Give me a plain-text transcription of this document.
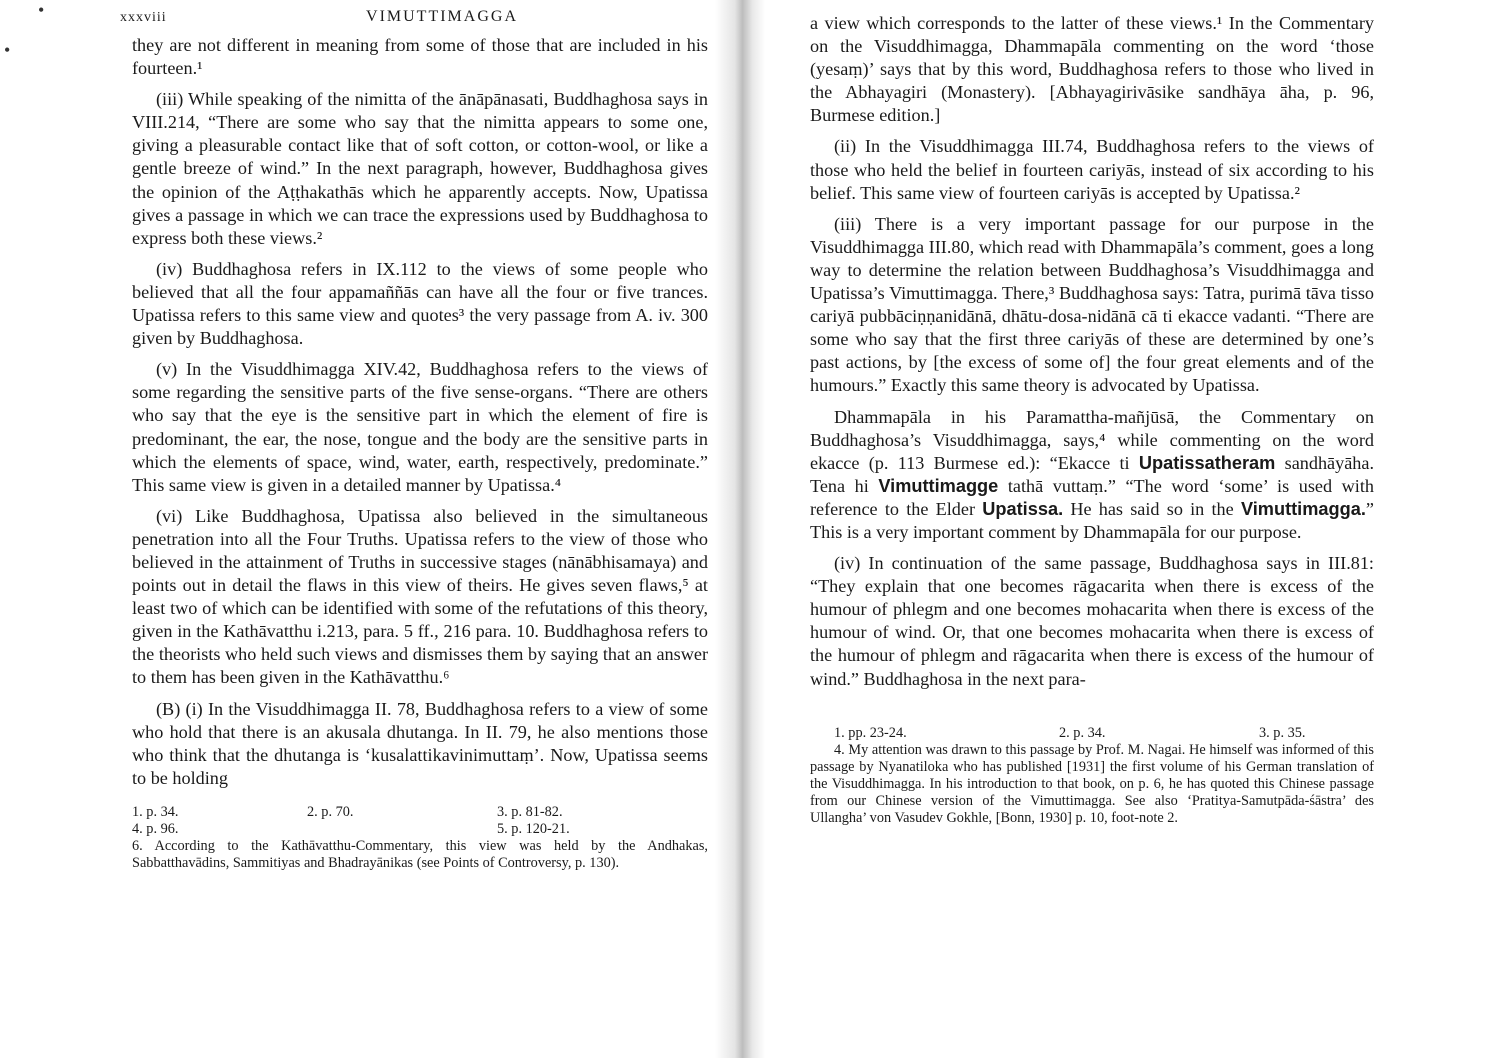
•
•
xxxviii	VIMUTTIMAGGA

they are not different in meaning from some of those that are included in his fourteen.¹

(iii) While speaking of the nimitta of the ānāpānasati, Buddhaghosa says in VIII.214, “There are some who say that the nimitta appears to some one, giving a pleasurable contact like that of soft cotton, or cotton-wool, or like a gentle breeze of wind.” In the next paragraph, however, Buddhaghosa gives the opinion of the Aṭṭhakathās which he apparently accepts. Now, Upatissa gives a passage in which we can trace the expressions used by Buddhaghosa to express both these views.²

(iv) Buddhaghosa refers in IX.112 to the views of some people who believed that all the four appamaññās can have all the four or five trances. Upatissa refers to this same view and quotes³ the very passage from A. iv. 300 given by Buddhaghosa.

(v) In the Visuddhimagga XIV.42, Buddhaghosa refers to the views of some regarding the sensitive parts of the five sense-organs. “There are others who say that the eye is the sensitive part in which the element of fire is predominant, the ear, the nose, tongue and the body are the sensitive parts in which the elements of space, wind, water, earth, respectively, predominate.” This same view is given in a detailed manner by Upatissa.⁴

(vi) Like Buddhaghosa, Upatissa also believed in the simultaneous penetration into all the Four Truths. Upatissa refers to the view of those who believed in the attainment of Truths in successive stages (nānābhisamaya) and points out in detail the flaws in this view of theirs. He gives seven flaws,⁵ at least two of which can be identified with some of the refutations of this theory, given in the Kathāvatthu i.213, para. 5 ff., 216 para. 10. Buddhaghosa refers to the theorists who held such views and dismisses them by saying that an answer to them has been given in the Kathāvatthu.⁶

(B) (i) In the Visuddhimagga II. 78, Buddhaghosa refers to a view of some who hold that there is an akusala dhutanga. In II. 79, he also mentions those who think that the dhutanga is ‘kusalattikavinimuttaṃ’. Now, Upatissa seems to be holding

1. p. 34.	2. p. 70.	3. p. 81-82.
4. p. 96.	5. p. 120-21.
6. According to the Kathāvatthu-Commentary, this view was held by the Andhakas, Sabbatthavādins, Sammitiyas and Bhadrayānikas (see Points of Controversy, p. 130).

a view which corresponds to the latter of these views.¹ In the Commentary on the Visuddhimagga, Dhammapāla commenting on the word ‘those (yesaṃ)’ says that by this word, Buddhaghosa refers to those who lived in the Abhayagiri (Monastery). [Abhayagirivāsike sandhāya āha, p. 96, Burmese edition.]

(ii) In the Visuddhimagga III.74, Buddhaghosa refers to the views of those who held the belief in fourteen cariyās, instead of six according to his belief. This same view of fourteen cariyās is accepted by Upatissa.²

(iii) There is a very important passage for our purpose in the Visuddhimagga III.80, which read with Dhammapāla’s comment, goes a long way to determine the relation between Buddhaghosa’s Visuddhimagga and Upatissa’s Vimuttimagga. There,³ Buddhaghosa says: Tatra, purimā tāva tisso cariyā pubbāciṇṇanidānā, dhātu-dosa-nidānā cā ti ekacce vadanti. “There are some who say that the first three cariyās of these are determined by one’s past actions, by [the excess of some of] the four great elements and of the humours.” Exactly this same theory is advocated by Upatissa.

Dhammapāla in his Paramattha-mañjūsā, the Commentary on Buddhaghosa’s Visuddhimagga, says,⁴ while commenting on the word ekacce (p. 113 Burmese ed.): “Ekacce ti Upatissatheram sandhāyāha. Tena hi Vimuttimagge tathā vuttaṃ.” “The word ‘some’ is used with reference to the Elder Upatissa. He has said so in the Vimuttimagga.” This is a very important comment by Dhammapāla for our purpose.

(iv) In continuation of the same passage, Buddhaghosa says in III.81: “They explain that one becomes rāgacarita when there is excess of the humour of phlegm and one becomes mohacarita when there is excess of the humour of wind. Or, that one becomes mohacarita when there is excess of the humour of phlegm and rāgacarita when there is excess of the humour of wind.” Buddhaghosa in the next para-

1. pp. 23-24.	2. p. 34.	3. p. 35.
4. My attention was drawn to this passage by Prof. M. Nagai. He himself was informed of this passage by Nyanatiloka who has published [1931] the first volume of his German translation of the Visuddhimagga. In his introduction to that book, on p. 6, he has quoted this Chinese passage from our Chinese version of the Vimuttimagga. See also ‘Pratitya-Samutpāda-śāstra’ des Ullangha’ von Vasudev Gokhle, [Bonn, 1930] p. 10, foot-note 2.
